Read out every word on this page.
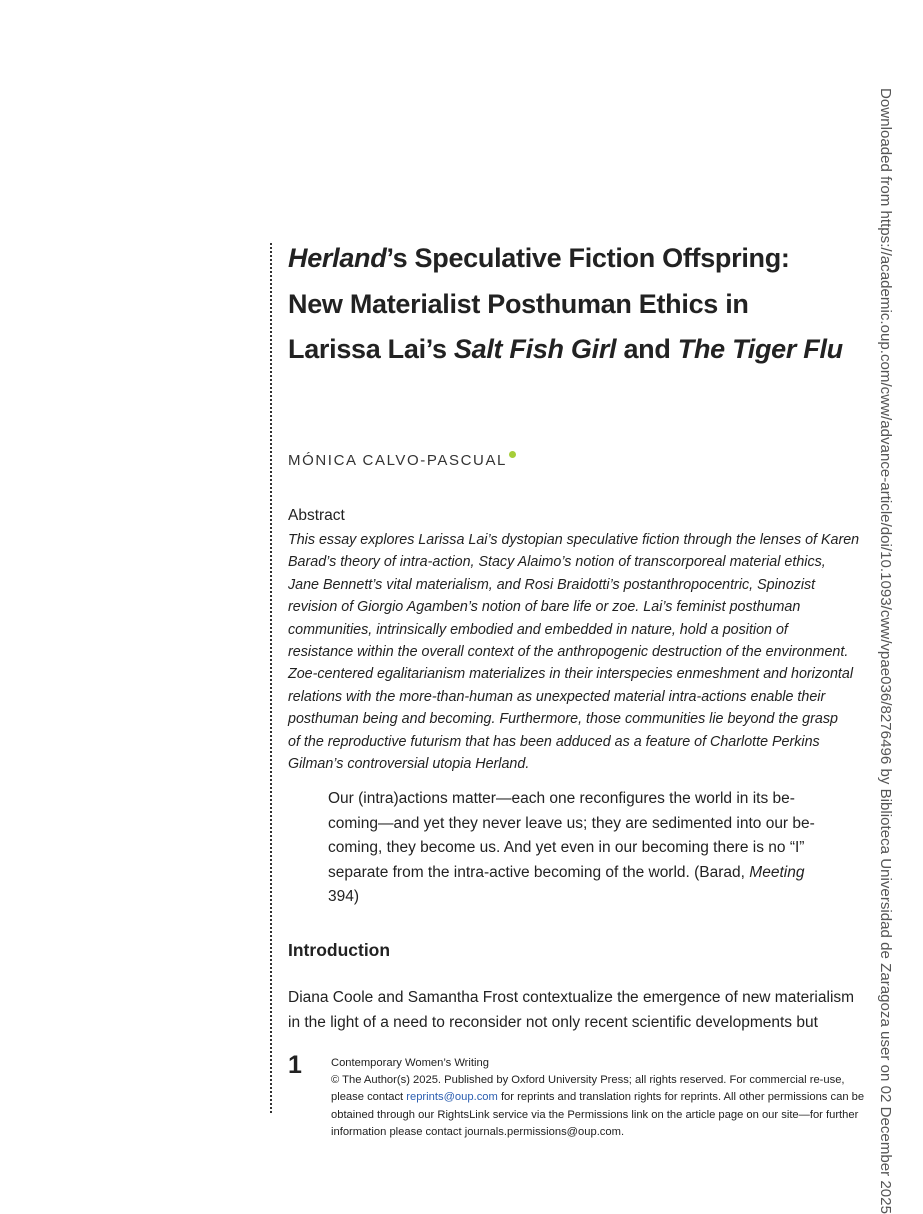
Herland’s Speculative Fiction Offspring:
New Materialist Posthuman Ethics in
Larissa Lai’s Salt Fish Girl and The Tiger Flu
MÓNICA CALVO-PASCUAL
Abstract
This essay explores Larissa Lai’s dystopian speculative fiction through the lenses of Karen
Barad’s theory of intra-action, Stacy Alaimo’s notion of transcorporeal material ethics,
Jane Bennett’s vital materialism, and Rosi Braidotti’s postanthropocentric, Spinozist
revision of Giorgio Agamben’s notion of bare life or zoe. Lai’s feminist posthuman
communities, intrinsically embodied and embedded in nature, hold a position of
resistance within the overall context of the anthropogenic destruction of the environment.
Zoe-centered egalitarianism materializes in their interspecies enmeshment and horizontal
relations with the more-than-human as unexpected material intra-actions enable their
posthuman being and becoming. Furthermore, those communities lie beyond the grasp
of the reproductive futurism that has been adduced as a feature of Charlotte Perkins
Gilman’s controversial utopia Herland.
Our (intra)actions matter—each one reconfigures the world in its be-
coming—and yet they never leave us; they are sedimented into our be-
coming, they become us. And yet even in our becoming there is no “I”
separate from the intra-active becoming of the world. (Barad, Meeting
394)
Introduction
Diana Coole and Samantha Frost contextualize the emergence of new materialism
in the light of a need to reconsider not only recent scientific developments but
1	Contemporary Women’s Writing
© The Author(s) 2025. Published by Oxford University Press; all rights reserved. For commercial re-use,
please contact reprints@oup.com for reprints and translation rights for reprints. All other permissions can be
obtained through our RightsLink service via the Permissions link on the article page on our site—for further
information please contact journals.permissions@oup.com.	Downloaded from https://academic.oup.com/cww/advance-article/doi/10.1093/cww/vpae036/8276496 by Biblioteca Universidad de Zaragoza user on 02 December 2025
